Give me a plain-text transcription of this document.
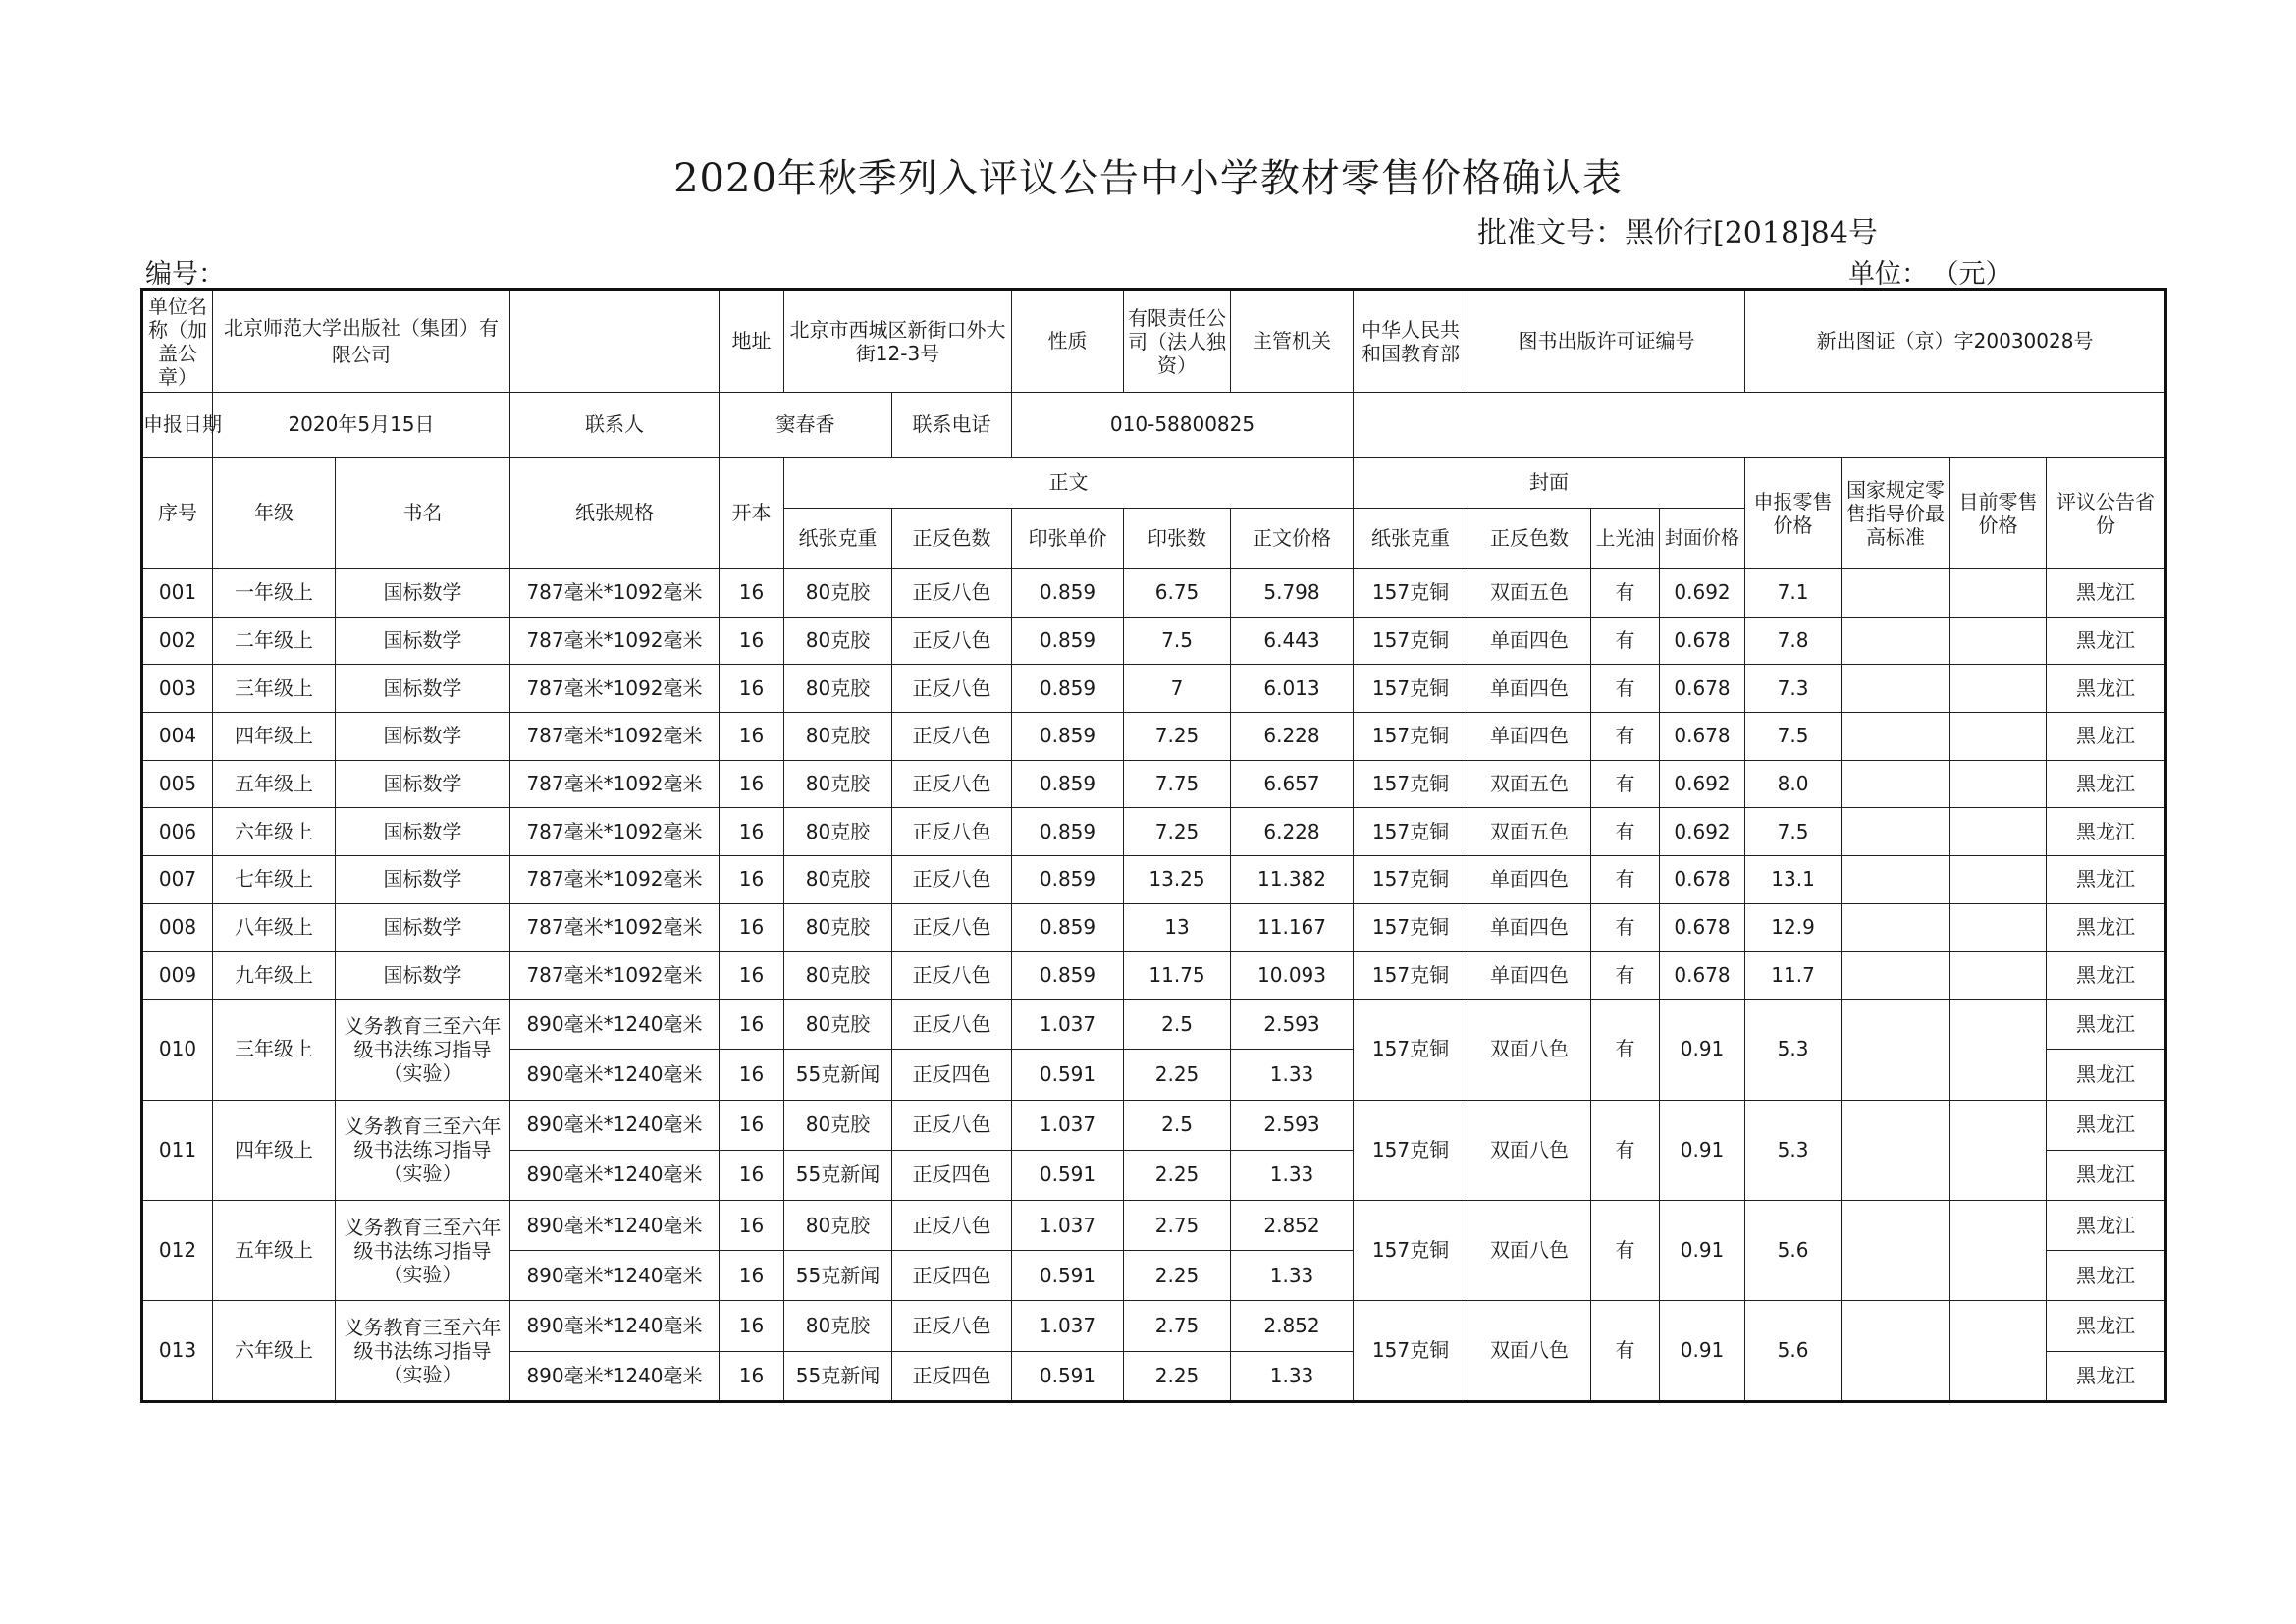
2020年秋季列入评议公告中小学教材零售价格确认表
批准文号：黑价行[2018]84号
编号：	单位： （元）
单位名称（加盖公章）	北京师范大学出版社（集团）有限公司			地址	北京市西城区新街口外大街12-3号		性质	有限责任公司（法人独资）	主管机关	中华人民共和国教育部	图书出版许可证编号			新出图证（京）字20030028号			
申报日期	2020年5月15日		联系人	窦春香		联系电话	010-58800825										
序号	年级	书名	纸张规格	开本	正文					封面				申报零售价格	国家规定零售指导价最高标准	目前零售价格	评议公告省份
					纸张克重	正反色数	印张单价	印张数	正文价格	纸张克重	正反色数	上光油	封面价格				
001	一年级上	国标数学	787毫米*1092毫米	16	80克胶	正反八色	0.859	6.75	5.798	157克铜	双面五色	有	0.692	7.1			黑龙江
002	二年级上	国标数学	787毫米*1092毫米	16	80克胶	正反八色	0.859	7.5	6.443	157克铜	单面四色	有	0.678	7.8			黑龙江
003	三年级上	国标数学	787毫米*1092毫米	16	80克胶	正反八色	0.859	7	6.013	157克铜	单面四色	有	0.678	7.3			黑龙江
004	四年级上	国标数学	787毫米*1092毫米	16	80克胶	正反八色	0.859	7.25	6.228	157克铜	单面四色	有	0.678	7.5			黑龙江
005	五年级上	国标数学	787毫米*1092毫米	16	80克胶	正反八色	0.859	7.75	6.657	157克铜	双面五色	有	0.692	8.0			黑龙江
006	六年级上	国标数学	787毫米*1092毫米	16	80克胶	正反八色	0.859	7.25	6.228	157克铜	双面五色	有	0.692	7.5			黑龙江
007	七年级上	国标数学	787毫米*1092毫米	16	80克胶	正反八色	0.859	13.25	11.382	157克铜	单面四色	有	0.678	13.1			黑龙江
008	八年级上	国标数学	787毫米*1092毫米	16	80克胶	正反八色	0.859	13	11.167	157克铜	单面四色	有	0.678	12.9			黑龙江
009	九年级上	国标数学	787毫米*1092毫米	16	80克胶	正反八色	0.859	11.75	10.093	157克铜	单面四色	有	0.678	11.7			黑龙江
010	三年级上	义务教育三至六年级书法练习指导（实验）	890毫米*1240毫米	16	80克胶	正反八色	1.037	2.5	2.593	157克铜	双面八色	有	0.91	5.3			黑龙江
			890毫米*1240毫米	16	55克新闻	正反四色	0.591	2.25	1.33								黑龙江
011	四年级上	义务教育三至六年级书法练习指导（实验）	890毫米*1240毫米	16	80克胶	正反八色	1.037	2.5	2.593	157克铜	双面八色	有	0.91	5.3			黑龙江
			890毫米*1240毫米	16	55克新闻	正反四色	0.591	2.25	1.33								黑龙江
012	五年级上	义务教育三至六年级书法练习指导（实验）	890毫米*1240毫米	16	80克胶	正反八色	1.037	2.75	2.852	157克铜	双面八色	有	0.91	5.6			黑龙江
			890毫米*1240毫米	16	55克新闻	正反四色	0.591	2.25	1.33								黑龙江
013	六年级上	义务教育三至六年级书法练习指导（实验）	890毫米*1240毫米	16	80克胶	正反八色	1.037	2.75	2.852	157克铜	双面八色	有	0.91	5.6			黑龙江
			890毫米*1240毫米	16	55克新闻	正反四色	0.591	2.25	1.33								黑龙江
